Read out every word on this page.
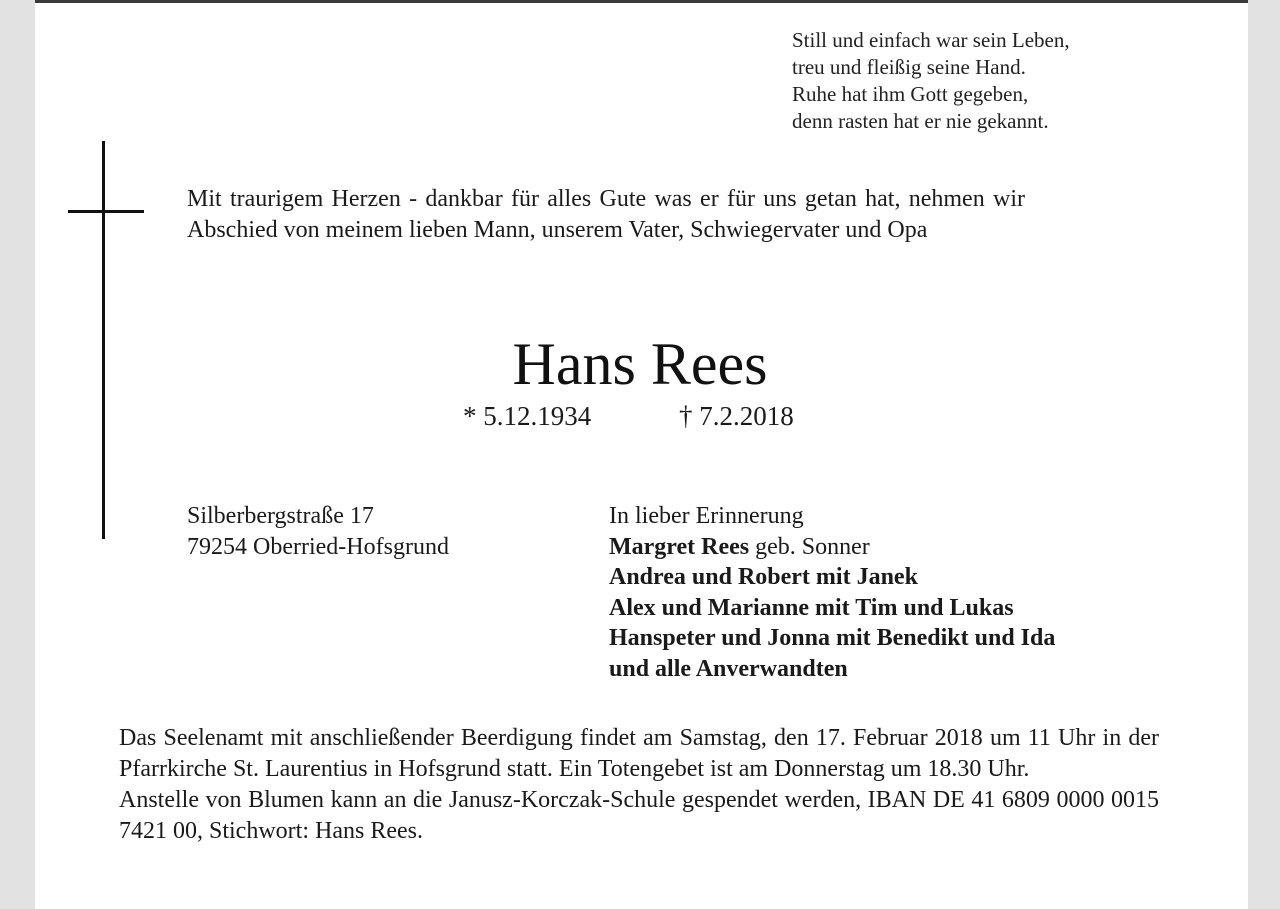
Still und einfach war sein Leben,
treu und fleißig seine Hand.
Ruhe hat ihm Gott gegeben,
denn rasten hat er nie gekannt.
Mit traurigem Herzen - dankbar für alles Gute was er für uns getan hat, nehmen wir Abschied von meinem lieben Mann, unserem Vater, Schwiegervater und Opa
Hans Rees
* 5.12.1934	† 7.2.2018
Silberbergstraße 17
79254 Oberried-Hofsgrund
In lieber Erinnerung
Margret Rees geb. Sonner
Andrea und Robert mit Janek
Alex und Marianne mit Tim und Lukas
Hanspeter und Jonna mit Benedikt und Ida
und alle Anverwandten

Das Seelenamt mit anschließender Beerdigung findet am Samstag, den 17. Februar 2018 um 11 Uhr in der Pfarrkirche St. Laurentius in Hofsgrund statt. Ein Totengebet ist am Donnerstag um 18.30 Uhr.

Anstelle von Blumen kann an die Janusz-Korczak-Schule gespendet werden, IBAN DE 41 6809 0000 0015 7421 00, Stichwort: Hans Rees.
